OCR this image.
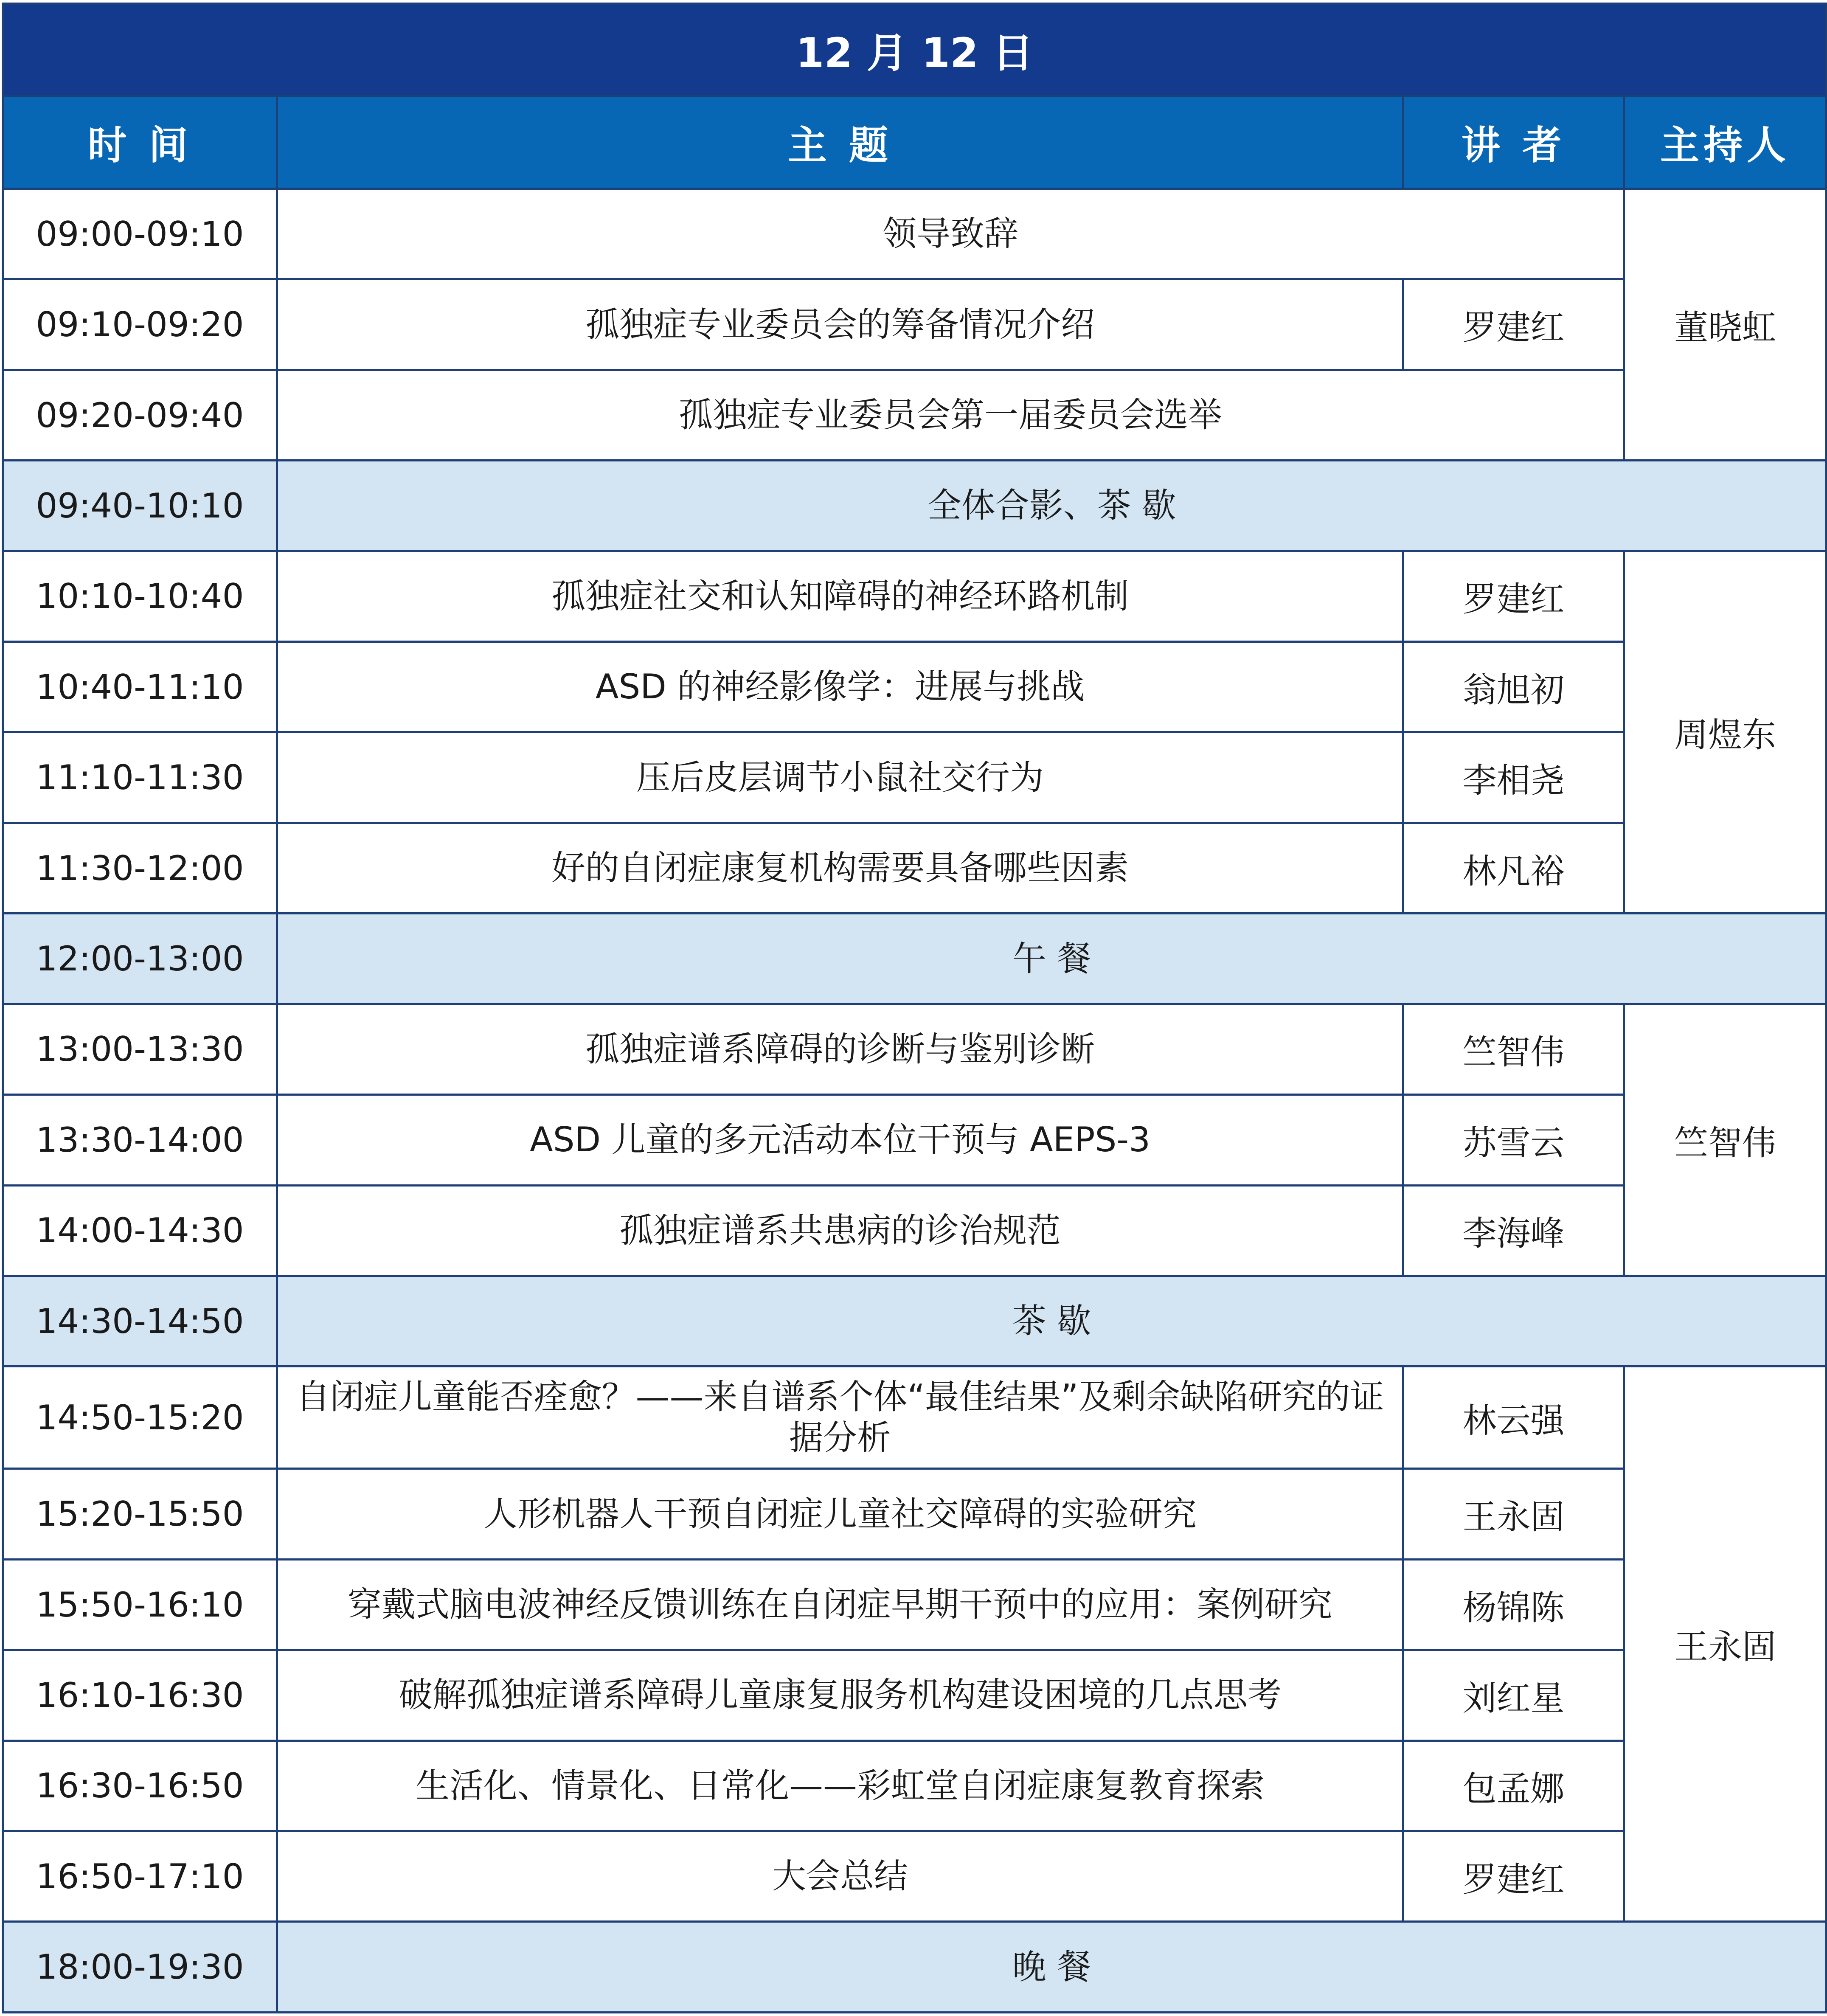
12 月 12 日			
时 间	主 题	讲 者	主持人
09:00-09:10	领导致辞		董晓虹
09:10-09:20	孤独症专业委员会的筹备情况介绍	罗建红	
09:20-09:40	孤独症专业委员会第一届委员会选举		
09:40-10:10	全体合影、茶 歇		
10:10-10:40	孤独症社交和认知障碍的神经环路机制	罗建红	周煜东
10:40-11:10	ASD 的神经影像学：进展与挑战	翁旭初	
11:10-11:30	压后皮层调节小鼠社交行为	李相尧	
11:30-12:00	好的自闭症康复机构需要具备哪些因素	林凡裕	
12:00-13:00	午 餐		
13:00-13:30	孤独症谱系障碍的诊断与鉴别诊断	竺智伟	竺智伟
13:30-14:00	ASD 儿童的多元活动本位干预与 AEPS-3	苏雪云	
14:00-14:30	孤独症谱系共患病的诊治规范	李海峰	
14:30-14:50	茶 歇		
14:50-15:20	自闭症儿童能否痊愈？——来自谱系个体“最佳结果”及剩余缺陷研究的证据分析	林云强	王永固
15:20-15:50	人形机器人干预自闭症儿童社交障碍的实验研究	王永固	
15:50-16:10	穿戴式脑电波神经反馈训练在自闭症早期干预中的应用：案例研究	杨锦陈	
16:10-16:30	破解孤独症谱系障碍儿童康复服务机构建设困境的几点思考	刘红星	
16:30-16:50	生活化、情景化、日常化——彩虹堂自闭症康复教育探索	包孟娜	
16:50-17:10	大会总结	罗建红	
18:00-19:30	晚 餐		
